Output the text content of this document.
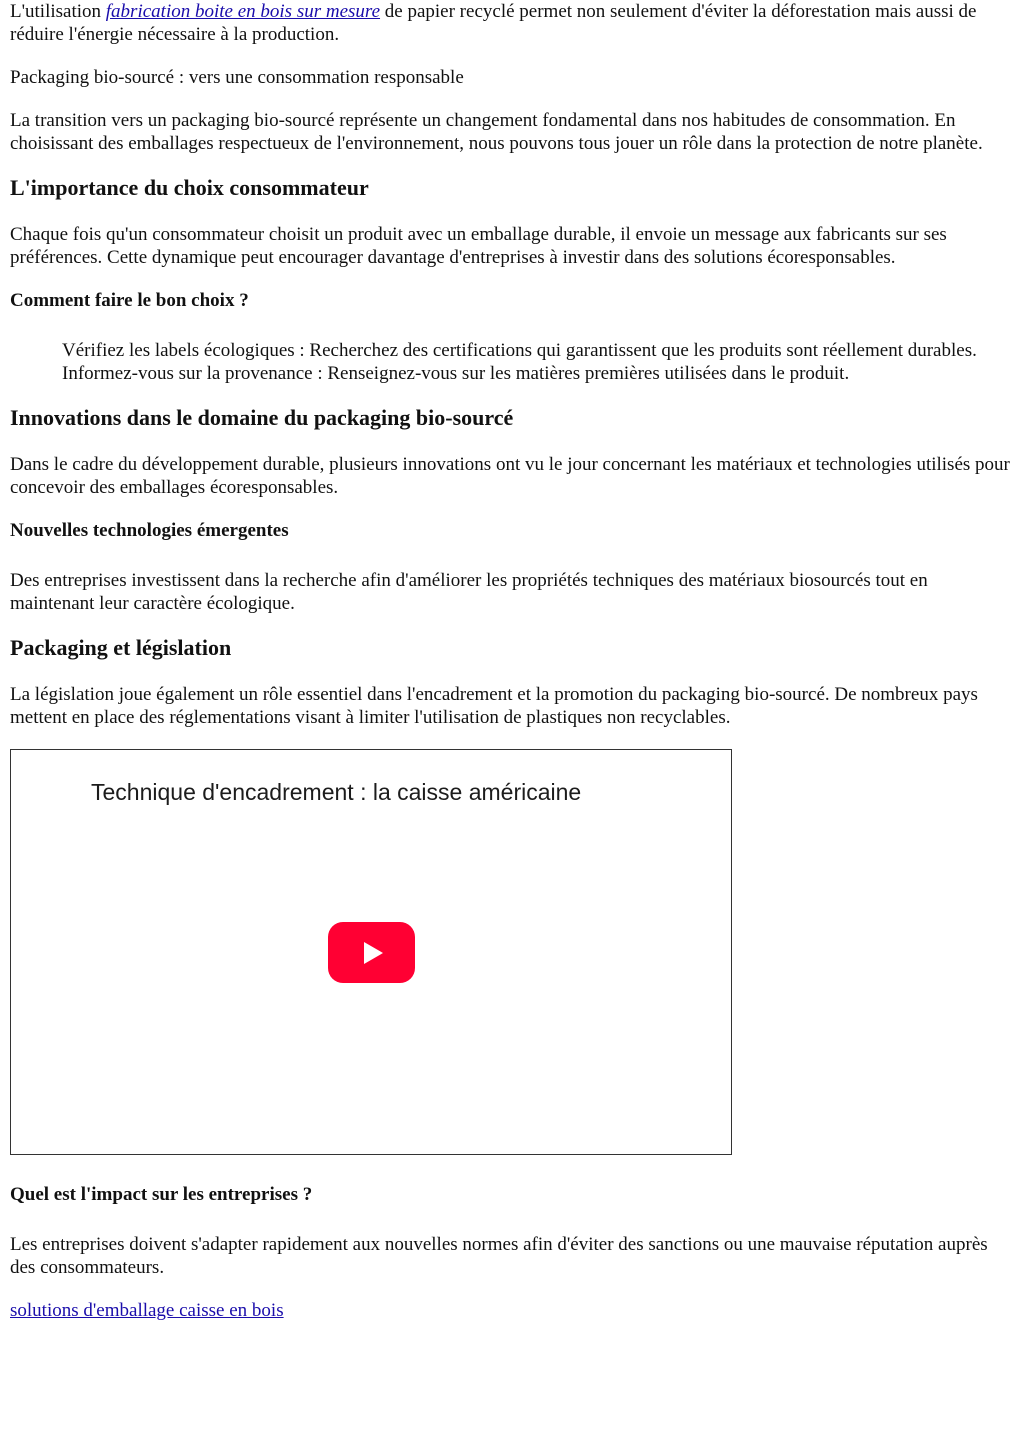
L'utilisation fabrication boite en bois sur mesure de papier recyclé permet non seulement d'éviter la déforestation mais aussi de réduire l'énergie nécessaire à la production.

Packaging bio-sourcé : vers une consommation responsable

La transition vers un packaging bio-sourcé représente un changement fondamental dans nos habitudes de consommation. En choisissant des emballages respectueux de l'environnement, nous pouvons tous jouer un rôle dans la protection de notre planète.

L'importance du choix consommateur

Chaque fois qu'un consommateur choisit un produit avec un emballage durable, il envoie un message aux fabricants sur ses préférences. Cette dynamique peut encourager davantage d'entreprises à investir dans des solutions écoresponsables.

Comment faire le bon choix ?
Vérifiez les labels écologiques : Recherchez des certifications qui garantissent que les produits sont réellement durables. Informez-vous sur la provenance : Renseignez-vous sur les matières premières utilisées dans le produit.
Innovations dans le domaine du packaging bio-sourcé

Dans le cadre du développement durable, plusieurs innovations ont vu le jour concernant les matériaux et technologies utilisés pour concevoir des emballages écoresponsables.

Nouvelles technologies émergentes

Des entreprises investissent dans la recherche afin d'améliorer les propriétés techniques des matériaux biosourcés tout en maintenant leur caractère écologique.

Packaging et législation

La législation joue également un rôle essentiel dans l'encadrement et la promotion du packaging bio-sourcé. De nombreux pays mettent en place des réglementations visant à limiter l'utilisation de plastiques non recyclables.

Technique d'encadrement : la caisse américaine
Quel est l'impact sur les entreprises ?

Les entreprises doivent s'adapter rapidement aux nouvelles normes afin d'éviter des sanctions ou une mauvaise réputation auprès des consommateurs.

solutions d'emballage caisse en bois
